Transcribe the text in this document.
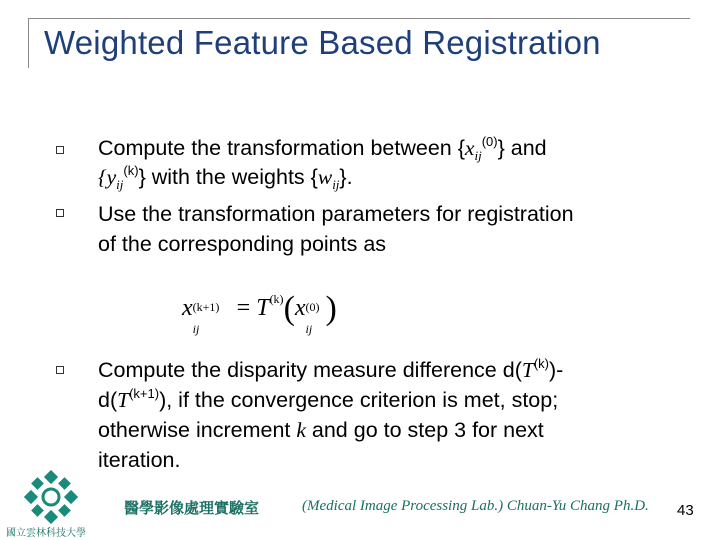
Weighted Feature Based Registration
Compute the transformation between $\{x_{ij}^{(0)}\}$ and
$\{y_{ij}^{(k)}\}$ with the weights $\{w_{ij}\}$.
Use the transformation parameters for registration
of the corresponding points as
x (k+1)
ij
= $T^{(k)}(x$ (0)
ij
)
Compute the disparity measure difference $d(T^{(k)})-$
$d(T^{(k+1)})$, if the convergence criterion is met, stop;
otherwise increment k and go to step 3 for next
iteration.
國立雲林科技大學
醫學影像處理實驗室	(Medical Image Processing Lab.) Chuan-Yu Chang Ph.D. 43
